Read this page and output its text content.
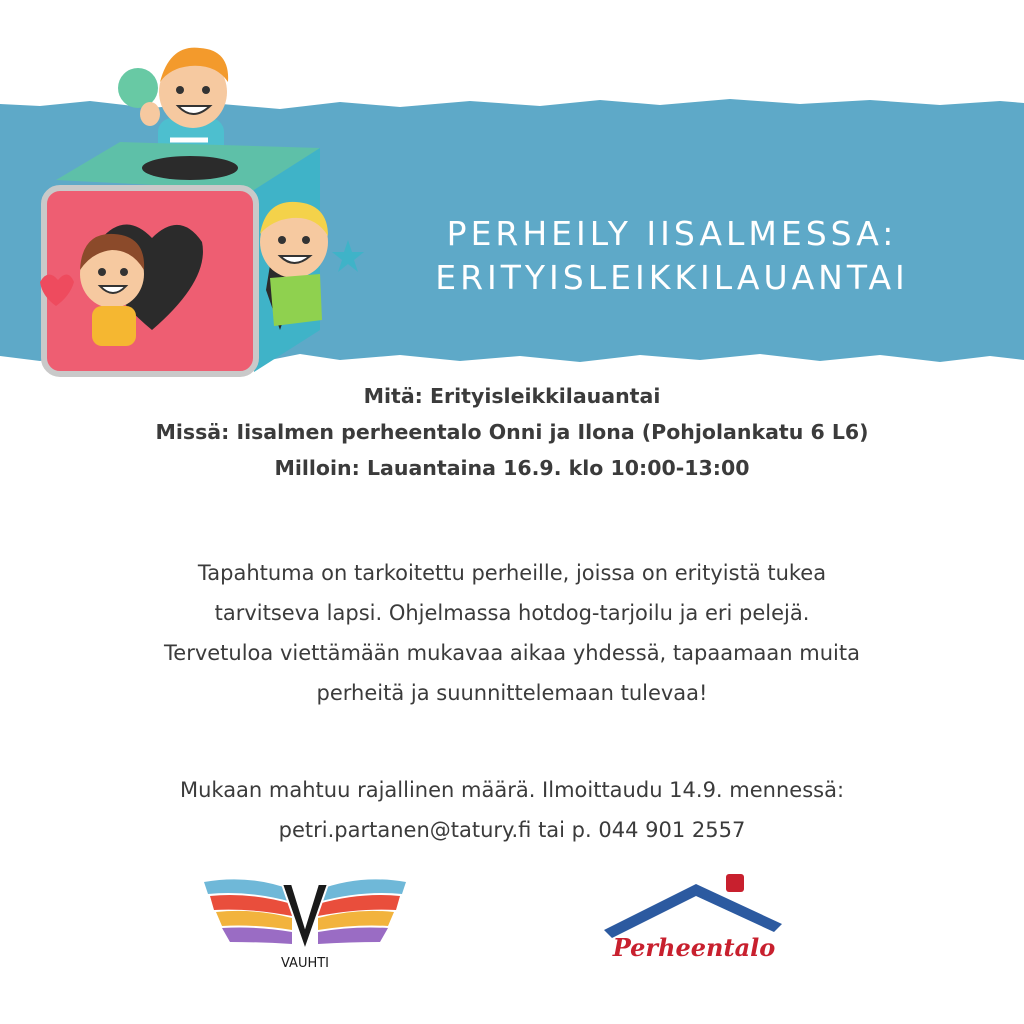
PERHEILY IISALMESSA:
ERITYISLEIKKILAUANTAI
Mitä: Erityisleikkilauantai
Missä: Iisalmen perheentalo Onni ja Ilona (Pohjolankatu 6 L6)
Milloin: Lauantaina 16.9. klo 10:00-13:00
Tapahtuma on tarkoitettu perheille, joissa on erityistä tukea
tarvitseva lapsi. Ohjelmassa hotdog-tarjoilu ja eri pelejä.
Tervetuloa viettämään mukavaa aikaa yhdessä, tapaamaan muita
perheitä ja suunnittelemaan tulevaa!
Mukaan mahtuu rajallinen määrä. Ilmoittaudu 14.9. mennessä:
petri.partanen@tatury.fi tai p. 044 901 2557
VAUHTI
Perheentalo
